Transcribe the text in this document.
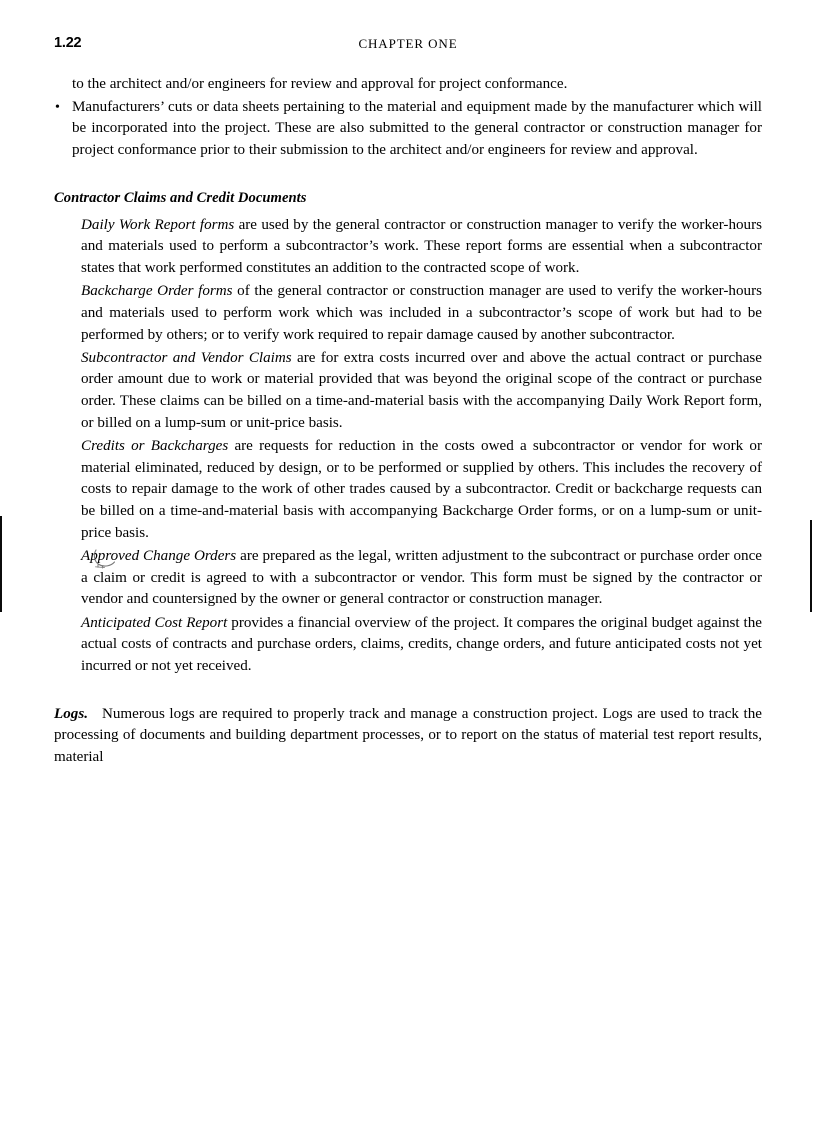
1.22	CHAPTER ONE

to the architect and/or engineers for review and approval for project conformance.

• Manufacturers’ cuts or data sheets pertaining to the material and equipment made by the manufacturer which will be incorporated into the project. These are also submitted to the general contractor or construction manager for project conformance prior to their submission to the architect and/or engineers for review and approval.

Contractor Claims and Credit Documents

Daily Work Report forms are used by the general contractor or construction manager to verify the worker-hours and materials used to perform a subcontractor’s work. These report forms are essential when a subcontractor states that work performed constitutes an addition to the contracted scope of work.

Backcharge Order forms of the general contractor or construction manager are used to verify the worker-hours and materials used to perform work which was included in a subcontractor’s scope of work but had to be performed by others; or to verify work required to repair damage caused by another subcontractor.

Subcontractor and Vendor Claims are for extra costs incurred over and above the actual contract or purchase order amount due to work or material provided that was beyond the original scope of the contract or purchase order. These claims can be billed on a time-and-material basis with the accompanying Daily Work Report form, or billed on a lump-sum or unit-price basis.

Credits or Backcharges are requests for reduction in the costs owed a subcontractor or vendor for work or material eliminated, reduced by design, or to be performed or supplied by others. This includes the recovery of costs to repair damage to the work of other trades caused by a subcontractor. Credit or backcharge requests can be billed on a time-and-material basis with accompanying Backcharge Order forms, or on a lump-sum or unit-price basis.

Approved Change Orders are prepared as the legal, written adjustment to the subcontract or purchase order once a claim or credit is agreed to with a subcontractor or vendor. This form must be signed by the contractor or vendor and countersigned by the owner or general contractor or construction manager.

Anticipated Cost Report provides a financial overview of the project. It compares the original budget against the actual costs of contracts and purchase orders, claims, credits, change orders, and future anticipated costs not yet incurred or not yet received.

Logs. Numerous logs are required to properly track and manage a construction project. Logs are used to track the processing of documents and building department processes, or to report on the status of material test report results, material
